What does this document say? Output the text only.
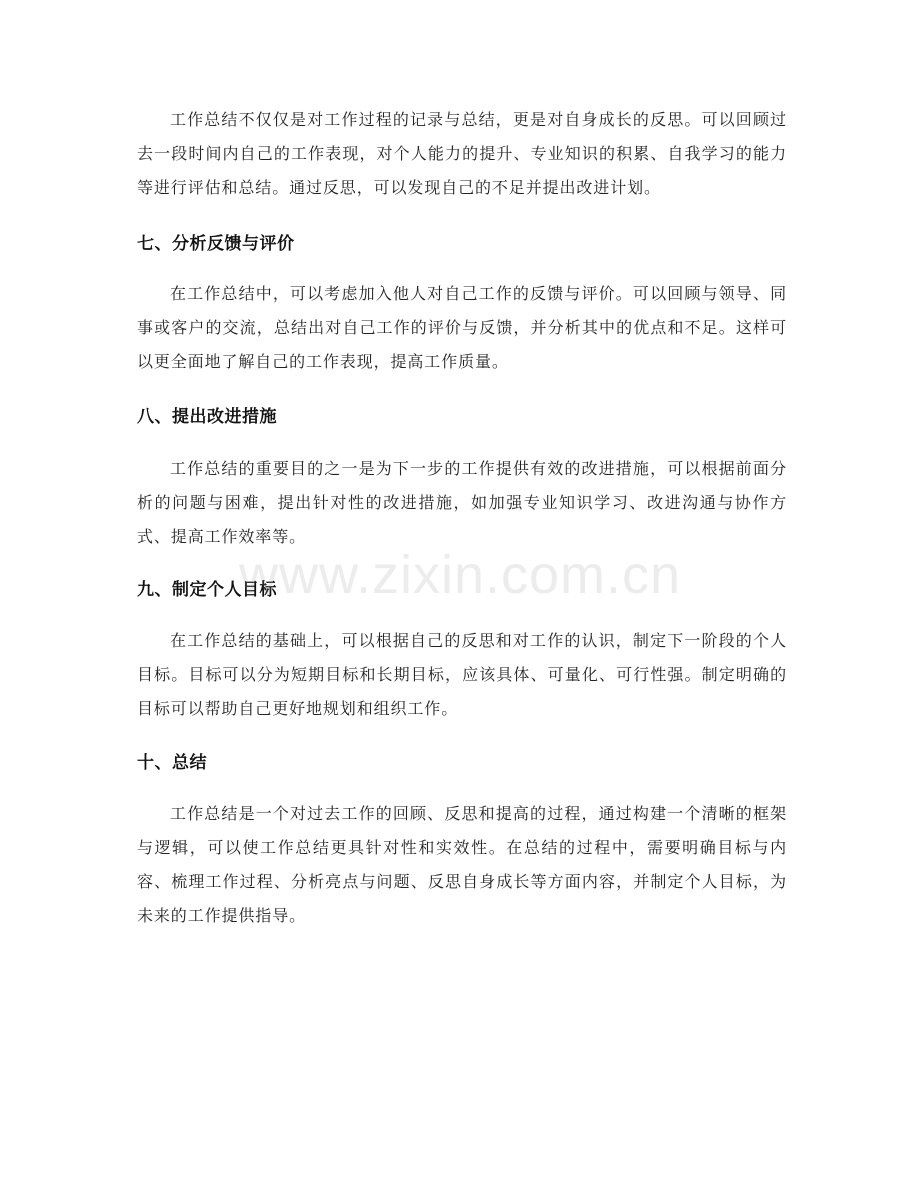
工作总结不仅仅是对工作过程的记录与总结，更是对自身成长的反思。可以回顾过去一段时间内自己的工作表现，对个人能力的提升、专业知识的积累、自我学习的能力等进行评估和总结。通过反思，可以发现自己的不足并提出改进计划。

七、分析反馈与评价

在工作总结中，可以考虑加入他人对自己工作的反馈与评价。可以回顾与领导、同事或客户的交流，总结出对自己工作的评价与反馈，并分析其中的优点和不足。这样可以更全面地了解自己的工作表现，提高工作质量。

八、提出改进措施

工作总结的重要目的之一是为下一步的工作提供有效的改进措施，可以根据前面分析的问题与困难，提出针对性的改进措施，如加强专业知识学习、改进沟通与协作方式、提高工作效率等。

九、制定个人目标

在工作总结的基础上，可以根据自己的反思和对工作的认识，制定下一阶段的个人目标。目标可以分为短期目标和长期目标，应该具体、可量化、可行性强。制定明确的目标可以帮助自己更好地规划和组织工作。

十、总结

工作总结是一个对过去工作的回顾、反思和提高的过程，通过构建一个清晰的框架与逻辑，可以使工作总结更具针对性和实效性。在总结的过程中，需要明确目标与内容、梳理工作过程、分析亮点与问题、反思自身成长等方面内容，并制定个人目标，为未来的工作提供指导。

www.zixin.com.cn
